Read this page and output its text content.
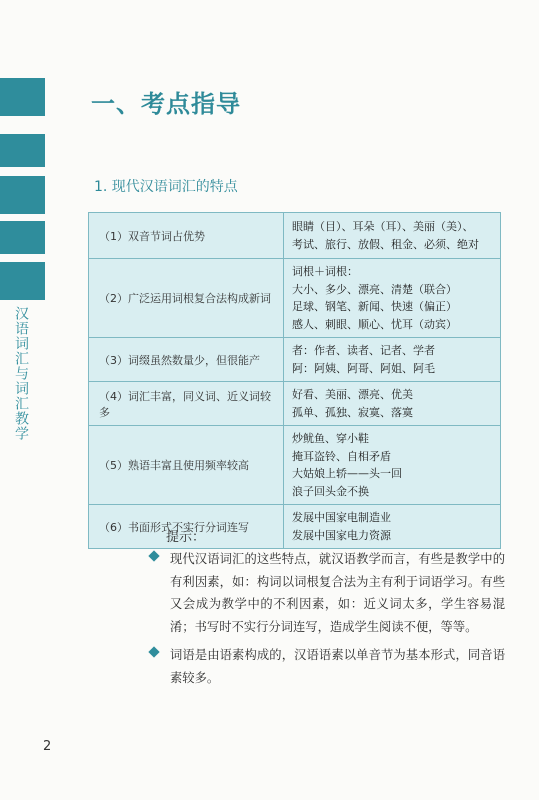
汉语词汇与词汇教学
一、考点指导
1. 现代汉语词汇的特点
（1）双音节词占优势	眼睛（目）、耳朵（耳）、美丽（美）、
考试、旅行、放假、租金、必须、绝对

（2）广泛运用词根复合法构成新词	词根＋词根：
大小、多少、漂亮、清楚（联合）
足球、钢笔、新闻、快速（偏正）
感人、刺眼、顺心、忧耳（动宾）

（3）词缀虽然数量少，但很能产	者：作者、读者、记者、学者
阿：阿姨、阿哥、阿姐、阿毛

（4）词汇丰富，同义词、近义词较多	好看、美丽、漂亮、优美
孤单、孤独、寂寞、落寞

（5）熟语丰富且使用频率较高	炒鱿鱼、穿小鞋
掩耳盗铃、自相矛盾
大姑娘上轿——头一回
浪子回头金不换

（6）书面形式不实行分词连写	发展中国家电制造业
发展中国家电力资源
提示：
现代汉语词汇的这些特点，就汉语教学而言，有些是教学中的有利因素，如：构词以词根复合法为主有利于词语学习。有些又会成为教学中的不利因素，如：近义词太多，学生容易混淆；书写时不实行分词连写，造成学生阅读不便，等等。
词语是由语素构成的，汉语语素以单音节为基本形式，同音语素较多。
2
